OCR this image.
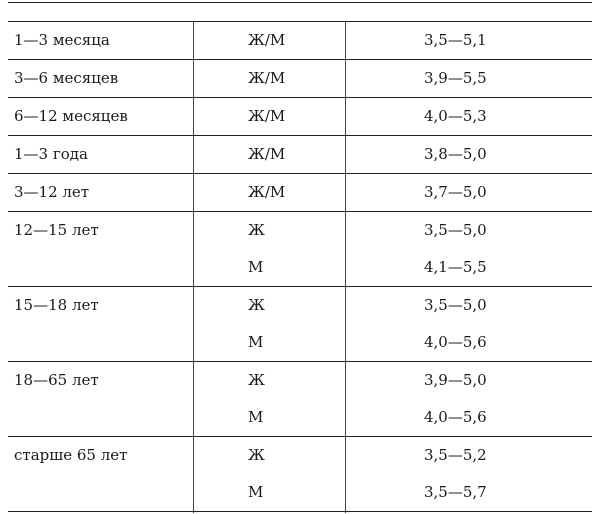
1—3 месяца	Ж/М	3,5—5,1
3—6 месяцев	Ж/М	3,9—5,5
6—12 месяцев	Ж/М	4,0—5,3
1—3 года	Ж/М	3,8—5,0
3—12 лет	Ж/М	3,7—5,0
12—15 лет	Ж	3,5—5,0
М	4,1—5,5
15—18 лет	Ж	3,5—5,0
М	4,0—5,6
18—65 лет	Ж	3,9—5,0
М	4,0—5,6
старше 65 лет	Ж	3,5—5,2
М	3,5—5,7
